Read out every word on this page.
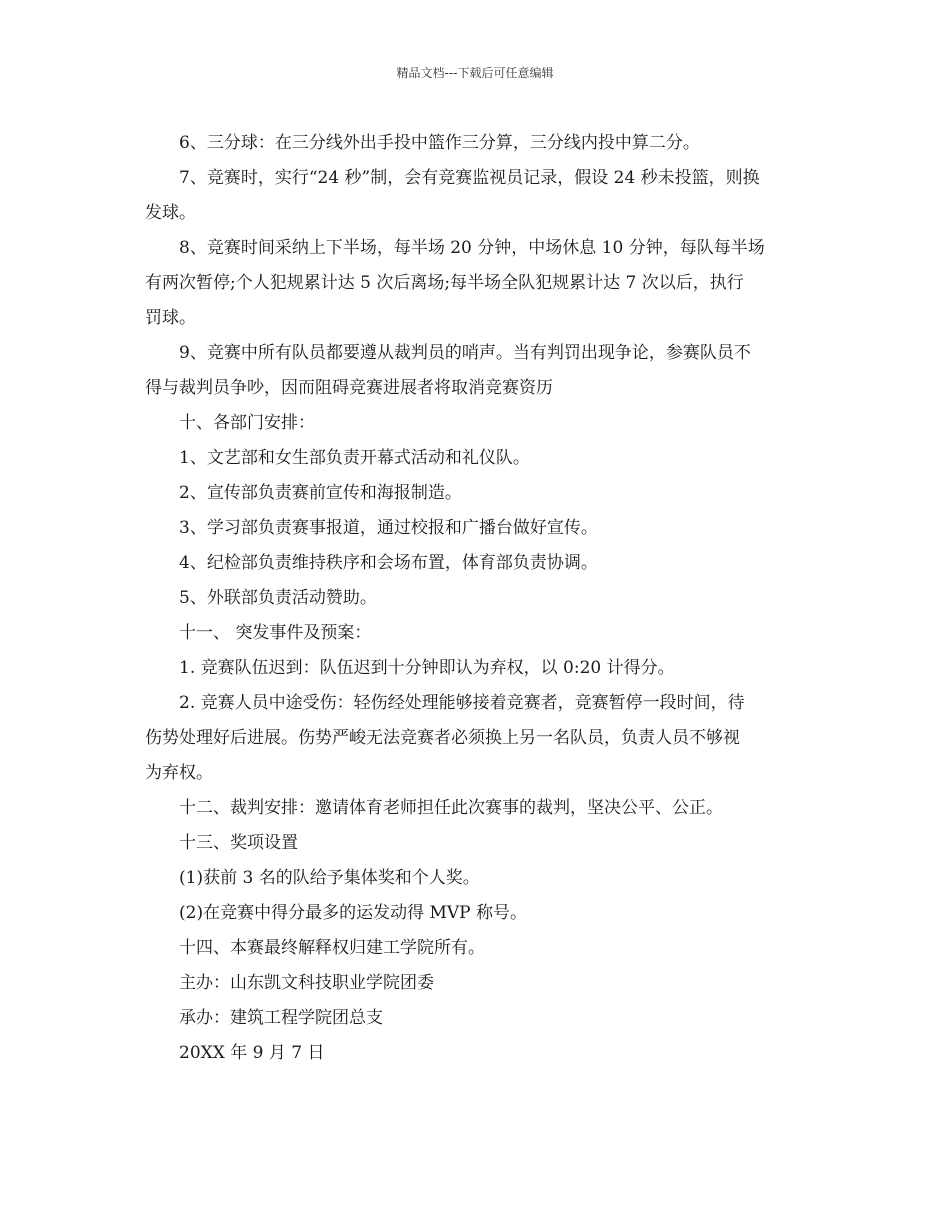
精品文档---下载后可任意编辑
6、三分球：在三分线外出手投中篮作三分算，三分线内投中算二分。
7、竞赛时，实行“24 秒”制，会有竞赛监视员记录，假设 24 秒未投篮，则换
发球。
8、竞赛时间采纳上下半场，每半场 20 分钟，中场休息 10 分钟，每队每半场
有两次暂停;个人犯规累计达 5 次后离场;每半场全队犯规累计达 7 次以后，执行
罚球。
9、竞赛中所有队员都要遵从裁判员的哨声。当有判罚出现争论，参赛队员不
得与裁判员争吵，因而阻碍竞赛进展者将取消竞赛资历
十、各部门安排：
1、文艺部和女生部负责开幕式活动和礼仪队。
2、宣传部负责赛前宣传和海报制造。
3、学习部负责赛事报道，通过校报和广播台做好宣传。
4、纪检部负责维持秩序和会场布置，体育部负责协调。
5、外联部负责活动赞助。
十一、 突发事件及预案：
1. 竞赛队伍迟到：队伍迟到十分钟即认为弃权，以 0:20 计得分。
2. 竞赛人员中途受伤：轻伤经处理能够接着竞赛者，竞赛暂停一段时间，待
伤势处理好后进展。伤势严峻无法竞赛者必须换上另一名队员，负责人员不够视
为弃权。
十二、裁判安排：邀请体育老师担任此次赛事的裁判，坚决公平、公正。
十三、奖项设置
(1)获前 3 名的队给予集体奖和个人奖。
(2)在竞赛中得分最多的运发动得 MVP 称号。
十四、本赛最终解释权归建工学院所有。
主办：山东凯文科技职业学院团委
承办：建筑工程学院团总支
20XX 年 9 月 7 日
